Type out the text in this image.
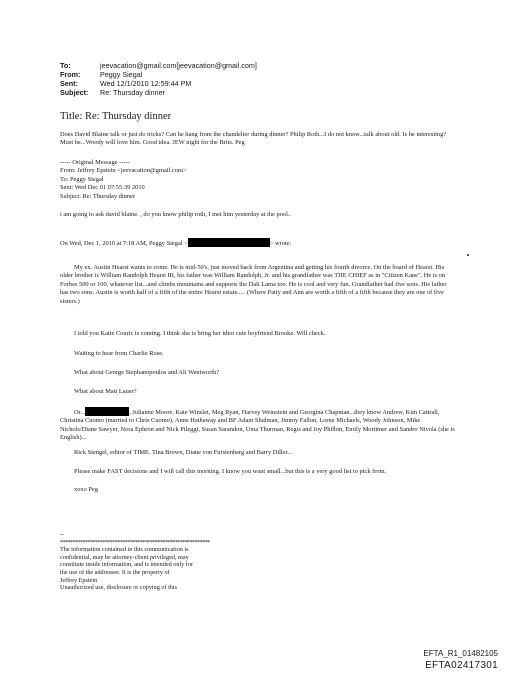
To:	jeevacation@gmail.com[jeevacation@gmail.com]
From:	Peggy Siegal
Sent:	Wed 12/1/2010 12:59:44 PM
Subject: Re: Thursday dinner
Title: Re: Thursday dinner
Does David Blaine talk or just do tricks? Can he hang from the chandelier during dinner? Philip Roth...I do not know...talk about old. Is he interesting? Must be...Woody will love him. Good idea. JEW night for the Brits. Peg
----- Original Message -----
From: Jeffrey Epstein <jeevacation@gmail.com>
To: Peggy Siegal
Sent: Wed Dec 01 07:55:39 2010
Subject: Re: Thursday dinner
i am going to ask david blaine. , do you know philip roth, I met him yesterday at the pool..
On Wed, Dec 1, 2010 at 7:18 AM, Peggy Siegal <	> wrote:
My ex. Austin Hearst wants to come. He is mid-50's, just moved back from Argentina and getting his fourth divorce. On the board of Hearst. His older brother is William Randolph Hearst III, his father was William Randolph, Jr. and his grandfather was THE CHIEF as in "Citizen Kane". He is on Forbes 500 or 100, whatever list...and climbs mountains and supports the Dali Lama too. He is cool and very fun. Grandfather had five sons. His father has two sons. Austin is worth half of a fifth of the entire Hearst estate..... (Where Patty and Ann are worth a fifth of a fifth because they are one of five sisters.)
I told you Katie Couric is coming. I think she is bring her idiot cute boyfriend Brooke. Will check.
Waiting to hear from Charlie Rose.
What about George Stephanopoulos and Ali Wentworth?
What about Matt Lauer?
Or...	, Julianne Moore, Kate Winslet, Meg Ryan, Harvey Weinstein and Georgina Chapman...they know Andrew, Kim Cattrall, Christina Cuomo (married to Chris Cuomo), Anne Hathaway and BF Adam Shulman, Jimmy Fallon, Lorne Michaels, Woody Johnson, Mike Nichols/Diane Sawyer, Nora Ephron and Nick Pileggi, Susan Sarandon, Uma Thurman, Regis and Joy Philbin, Emily Mortimer and Sandro Nivola (she is English)...
Rick Stengel, editor of TIME. Tina Brown, Diane von Furstenberg and Barry Diller...
Please make FAST decisions and I will call this morning. I know you want small...but this is a very good list to pick from.
xoxo Peg
--
************************************************************
The information contained in this communication is
confidential, may be attorney-client privileged, may
constitute inside information, and is intended only for
the use of the addressee. It is the property of
Jeffrey Epstein
Unauthorized use, disclosure or copying of this
EFTA_R1_01482105
EFTA02417301
